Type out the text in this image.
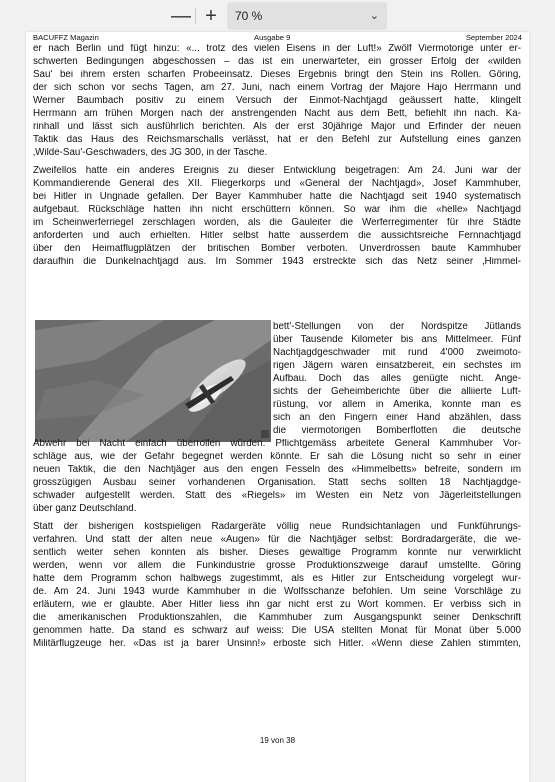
— +	70 %	⌄
BACUFFZ Magazin	Ausgabe 9	September 2024
er nach Berlin und fügt hinzu: «... trotz des vielen Eisens in der Luft!» Zwölf Viermotorige unter er-
schwerten Bedingungen abgeschossen – das ist ein unerwarteter, ein grosser Erfolg der «wilden
Sau' bei ihrem ersten scharfen Probeeinsatz. Dieses Ergebnis bringt den Stein ins Rollen. Göring,
der sich schon vor sechs Tagen, am 27. Juni, nach einem Vortrag der Majore Hajo Herrmann und
Werner Baumbach positiv zu einem Versuch der Einmot-Nachtjagd geäussert hatte, klingelt
Herrmann am frühen Morgen nach der anstrengenden Nacht aus dem Bett, befiehlt ihn nach. Ka-
rinhall und lässt sich ausführlich berichten. Als der erst 30jährige Major und Erfinder der neuen
Taktik das Haus des Reichsmarschalls verlässt, hat er den Befehl zur Aufstellung eines ganzen
‚Wilde-Sau'-Geschwaders, des JG 300, in der Tasche.
Zweifellos hatte ein anderes Ereignis zu dieser Entwicklung beigetragen: Am 24. Juni war der
Kommandierende General des XII. Fliegerkorps und «General der Nachtjagd», Josef Kammhuber,
bei Hitler in Ungnade gefallen. Der Bayer Kammhuber hatte die Nachtjagd seit 1940 systematisch
aufgebaut. Rückschläge hatten ihn nicht erschüttern können. So war ihm die «helle» Nachtjagd
im Scheinwerferriegel zerschlagen worden, als die Gauleiter die Werferregimenter für ihre Städte
anforderten und auch erhielten. Hitler selbst hatte ausserdem die aussichtsreiche Fernnachtjagd
über den Heimatflugplätzen der britischen Bomber verboten. Unverdrossen baute Kammhuber
daraufhin die Dunkelnachtjagd aus. Im Sommer 1943 erstreckte sich das Netz seiner ‚Himmel-
bett'-Stellungen von der Nordspitze Jütlands
über Tausende Kilometer bis ans Mittelmeer. Fünf
Nachtjagdgeschwader mit rund 4'000 zweimoto-
rigen Jägern waren einsatzbereit, ein sechstes im
Aufbau. Doch das alles genügte nicht. Ange-
sichts der Geheimberichte über die alliierte Luft-
rüstung, vor allem in Amerika, konnte man es
sich an den Fingern einer Hand abzählen, dass
die viermotorigen Bomberflotten die deutsche
Abwehr bei Nacht einfach überrollen würden. Pflichtgemäss arbeitete General Kammhuber Vor-
schläge aus, wie der Gefahr begegnet werden könnte. Er sah die Lösung nicht so sehr in einer
neuen Taktik, die den Nachtjäger aus den engen Fesseln des «Himmelbetts» befreite, sondern im
grosszügigen Ausbau seiner vorhandenen Organisation. Statt sechs sollten 18 Nachtjagdge-
schwader aufgestellt werden. Statt des «Riegels» im Westen ein Netz von Jägerleitstellungen
über ganz Deutschland.
Statt der bisherigen kostspieligen Radargeräte völlig neue Rundsichtanlagen und Funkführungs-
verfahren. Und statt der alten neue «Augen» für die Nachtjäger selbst: Bordradargeräte, die we-
sentlich weiter sehen konnten als bisher. Dieses gewaltige Programm konnte nur verwirklicht
werden, wenn vor allem die Funkindustrie grosse Produktionszweige darauf umstellte. Göring
hatte dem Programm schon halbwegs zugestimmt, als es Hitler zur Entscheidung vorgelegt wur-
de. Am 24. Juni 1943 wurde Kammhuber in die Wolfsschanze befohlen. Um seine Vorschläge zu
erläutern, wie er glaubte. Aber Hitler liess ihn gar nicht erst zu Wort kommen. Er verbiss sich in
die amerikanischen Produktionszahlen, die Kammhuber zum Ausgangspunkt seiner Denkschrift
genommen hatte. Da stand es schwarz auf weiss: Die USA stellten Monat für Monat über 5.000
Militärflugzeuge her. «Das ist ja barer Unsinn!» erboste sich Hitler. «Wenn diese Zahlen stimmten,
19 von 38
